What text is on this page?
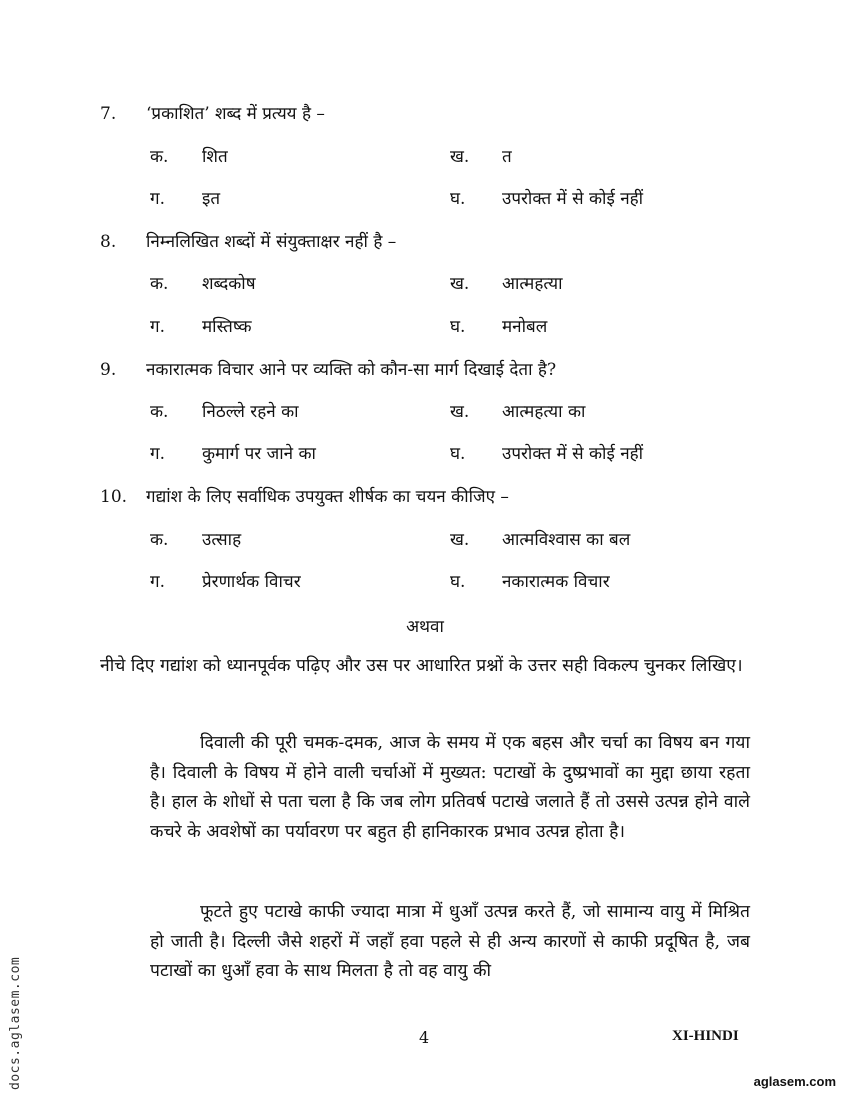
7. ‘प्रकाशित’ शब्द में प्रत्यय है –
क. शित	ख. त
ग. इत	घ. उपरोक्त में से कोई नहीं
8. निम्नलिखित शब्दों में संयुक्ताक्षर नहीं है –
क. शब्दकोष	ख. आत्महत्या
ग. मस्तिष्क	घ. मनोबल
9. नकारात्मक विचार आने पर व्यक्ति को कौन-सा मार्ग दिखाई देता है?
क. निठल्ले रहने का	ख. आत्महत्या का
ग. कुमार्ग पर जाने का	घ. उपरोक्त में से कोई नहीं
10. गद्यांश के लिए सर्वाधिक उपयुक्त शीर्षक का चयन कीजिए –
क. उत्साह	ख. आत्मविश्वास का बल
ग. प्रेरणार्थक विाचर	घ. नकारात्मक विचार
अथवा
नीचे दिए गद्यांश को ध्यानपूर्वक पढ़िए और उस पर आधारित प्रश्नों के उत्तर सही विकल्प चुनकर लिखिए।
दिवाली की पूरी चमक-दमक, आज के समय में एक बहस और चर्चा का विषय बन गया है। दिवाली के विषय में होने वाली चर्चाओं में मुख्यत: पटाखों के दुष्प्रभावों का मुद्दा छाया रहता है। हाल के शोधों से पता चला है कि जब लोग प्रतिवर्ष पटाखे जलाते हैं तो उससे उत्पन्न होने वाले कचरे के अवशेषों का पर्यावरण पर बहुत ही हानिकारक प्रभाव उत्पन्न होता है।
फूटते हुए पटाखे काफी ज्यादा मात्रा में धुआँ उत्पन्न करते हैं, जो सामान्य वायु में मिश्रित हो जाती है। दिल्ली जैसे शहरों में जहाँ हवा पहले से ही अन्य कारणों से काफी प्रदूषित है, जब पटाखों का धुआँ हवा के साथ मिलता है तो वह वायु की
4	XI-HINDI
docs.aglasem.com	aglasem.com
